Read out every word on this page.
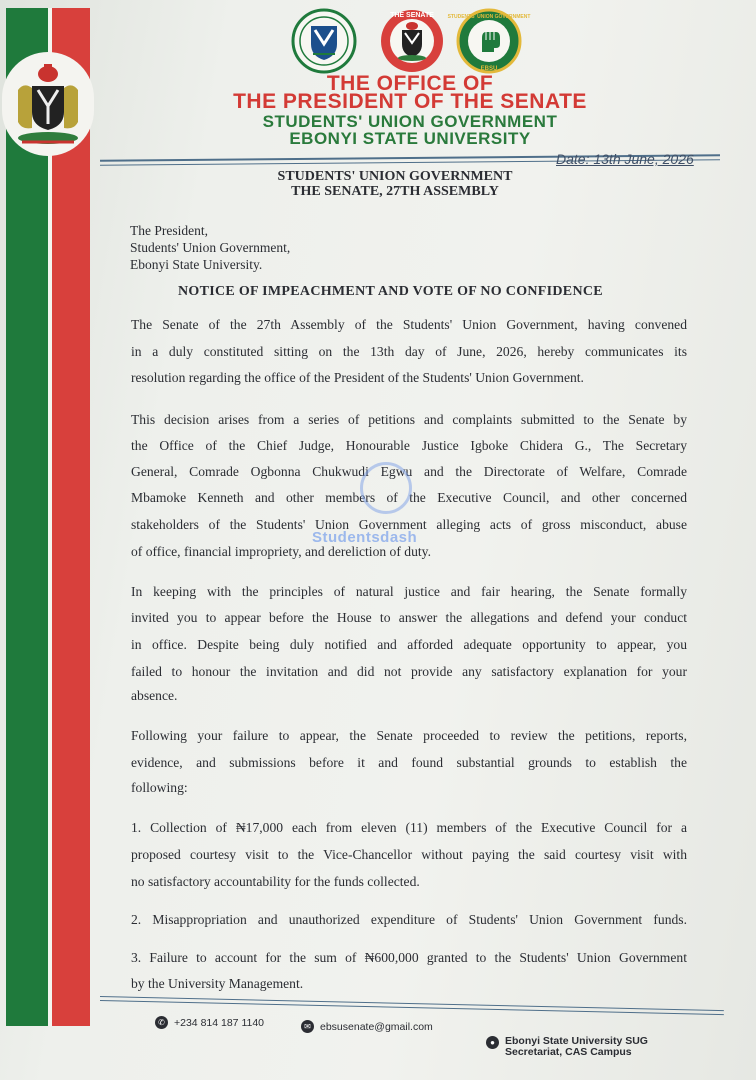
THE SENATE	STUDENTS' UNION GOVERNMENT
EBSU
THE OFFICE OF
THE PRESIDENT OF THE SENATE
STUDENTS' UNION GOVERNMENT
EBONYI STATE UNIVERSITY
Date: 13th June, 2026
STUDENTS' UNION GOVERNMENT
THE SENATE, 27TH ASSEMBLY
The President,
Students' Union Government,
Ebonyi State University.
NOTICE OF IMPEACHMENT AND VOTE OF NO CONFIDENCE
The Senate of the 27th Assembly of the Students' Union Government, having convened
in a duly constituted sitting on the 13th day of June, 2026, hereby communicates its
resolution regarding the office of the President of the Students' Union Government.
This decision arises from a series of petitions and complaints submitted to the Senate by
the Office of the Chief Judge, Honourable Justice Igboke Chidera G., The Secretary
General, Comrade Ogbonna Chukwudi Egwu and the Directorate of Welfare, Comrade
Mbamoke Kenneth and other members of the Executive Council, and other concerned
stakeholders of the Students' Union Government alleging acts of gross misconduct, abuse
of office, financial impropriety, and dereliction of duty.
Studentsdash
In keeping with the principles of natural justice and fair hearing, the Senate formally
invited you to appear before the House to answer the allegations and defend your conduct
in office. Despite being duly notified and afforded adequate opportunity to appear, you
failed to honour the invitation and did not provide any satisfactory explanation for your
absence.
Following your failure to appear, the Senate proceeded to review the petitions, reports,
evidence, and submissions before it and found substantial grounds to establish the
following:
1. Collection of ₦17,000 each from eleven (11) members of the Executive Council for a
proposed courtesy visit to the Vice-Chancellor without paying the said courtesy visit with
no satisfactory accountability for the funds collected.
2. Misappropriation and unauthorized expenditure of Students' Union Government funds.
3. Failure to account for the sum of ₦600,000 granted to the Students' Union Government
by the University Management.
✆ +234 814 187 1140	✉ ebsusenate@gmail.com
● Ebonyi State University SUG
Secretariat, CAS Campus
